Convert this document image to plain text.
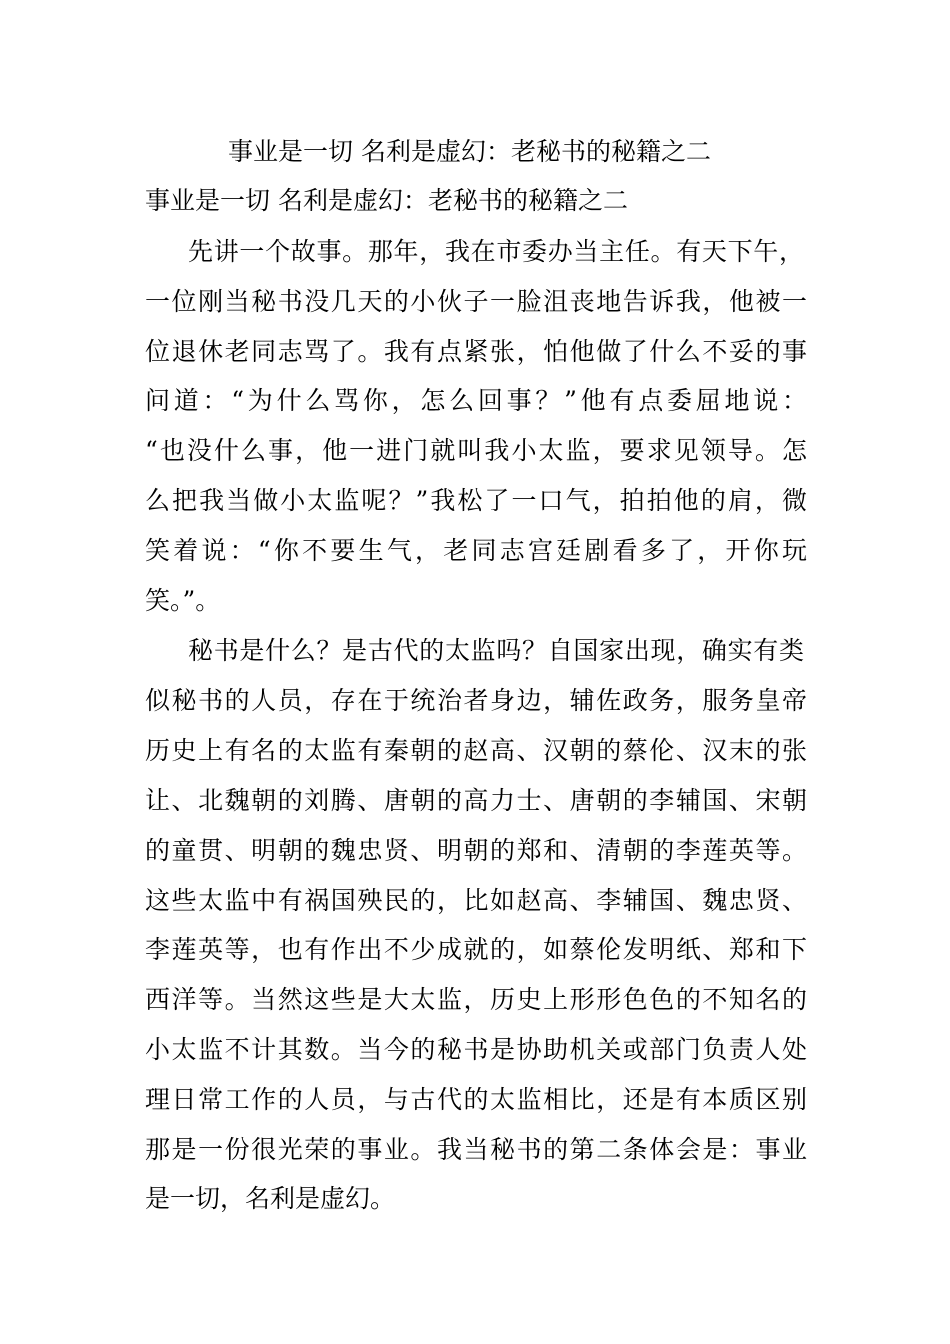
事业是一切 名利是虚幻：老秘书的秘籍之二

事业是一切 名利是虚幻：老秘书的秘籍之二

先讲一个故事。那年，我在市委办当主任。有天下午，

一位刚当秘书没几天的小伙子一脸沮丧地告诉我，他被一

位退休老同志骂了。我有点紧张，怕他做了什么不妥的事

问道：“为什么骂你，怎么回事？”他有点委屈地说：

“也没什么事，他一进门就叫我小太监，要求见领导。怎

么把我当做小太监呢？”我松了一口气，拍拍他的肩，微

笑着说：“你不要生气，老同志宫廷剧看多了，开你玩

笑。”。

秘书是什么？是古代的太监吗？自国家出现，确实有类

似秘书的人员，存在于统治者身边，辅佐政务，服务皇帝

历史上有名的太监有秦朝的赵高、汉朝的蔡伦、汉末的张

让、北魏朝的刘腾、唐朝的高力士、唐朝的李辅国、宋朝

的童贯、明朝的魏忠贤、明朝的郑和、清朝的李莲英等。

这些太监中有祸国殃民的，比如赵高、李辅国、魏忠贤、

李莲英等，也有作出不少成就的，如蔡伦发明纸、郑和下

西洋等。当然这些是大太监，历史上形形色色的不知名的

小太监不计其数。当今的秘书是协助机关或部门负责人处

理日常工作的人员，与古代的太监相比，还是有本质区别

那是一份很光荣的事业。我当秘书的第二条体会是：事业

是一切，名利是虚幻。
